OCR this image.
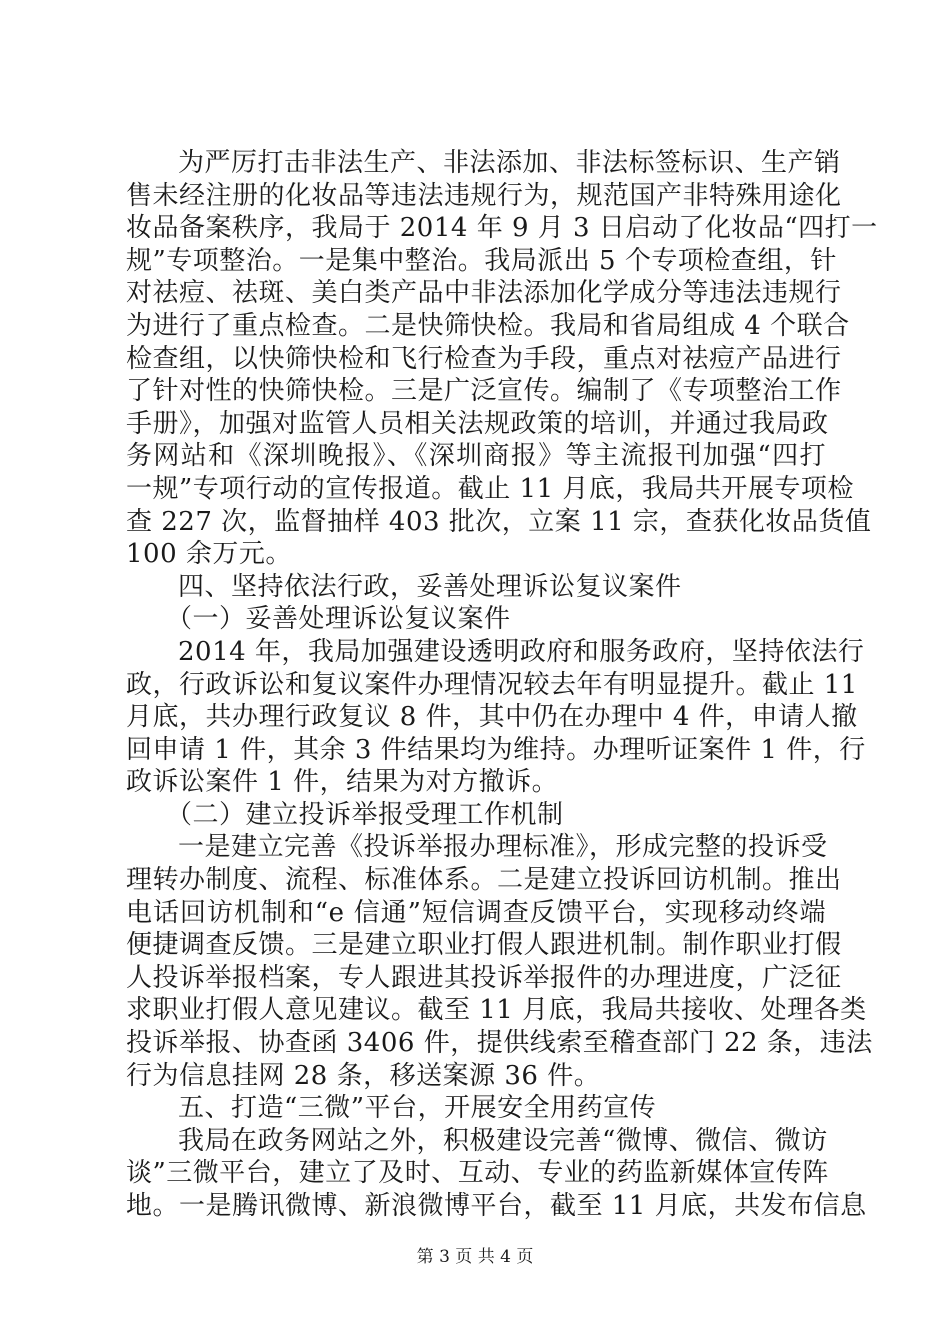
为严厉打击非法生产、非法添加、非法标签标识、生产销
售未经注册的化妆品等违法违规行为，规范国产非特殊用途化
妆品备案秩序，我局于 2014 年 9 月 3 日启动了化妆品“四打一
规”专项整治。一是集中整治。我局派出 5 个专项检查组，针
对祛痘、祛斑、美白类产品中非法添加化学成分等违法违规行
为进行了重点检查。二是快筛快检。我局和省局组成 4 个联合
检查组，以快筛快检和飞行检查为手段，重点对祛痘产品进行
了针对性的快筛快检。三是广泛宣传。编制了《专项整治工作
手册》，加强对监管人员相关法规政策的培训，并通过我局政
务网站和《深圳晚报》、《深圳商报》等主流报刊加强“四打
一规”专项行动的宣传报道。截止 11 月底，我局共开展专项检
查 227 次，监督抽样 403 批次，立案 11 宗，查获化妆品货值
100 余万元。
四、坚持依法行政，妥善处理诉讼复议案件
（一）妥善处理诉讼复议案件
2014 年，我局加强建设透明政府和服务政府，坚持依法行
政，行政诉讼和复议案件办理情况较去年有明显提升。截止 11
月底，共办理行政复议 8 件，其中仍在办理中 4 件，申请人撤
回申请 1 件，其余 3 件结果均为维持。办理听证案件 1 件，行
政诉讼案件 1 件，结果为对方撤诉。
（二）建立投诉举报受理工作机制
一是建立完善《投诉举报办理标准》，形成完整的投诉受
理转办制度、流程、标准体系。二是建立投诉回访机制。推出
电话回访机制和“e 信通”短信调查反馈平台，实现移动终端
便捷调查反馈。三是建立职业打假人跟进机制。制作职业打假
人投诉举报档案，专人跟进其投诉举报件的办理进度，广泛征
求职业打假人意见建议。截至 11 月底，我局共接收、处理各类
投诉举报、协查函 3406 件，提供线索至稽查部门 22 条，违法
行为信息挂网 28 条，移送案源 36 件。
五、打造“三微”平台，开展安全用药宣传
我局在政务网站之外，积极建设完善“微博、微信、微访
谈”三微平台，建立了及时、互动、专业的药监新媒体宣传阵
地。一是腾讯微博、新浪微博平台，截至 11 月底，共发布信息
第 3 页 共 4 页
